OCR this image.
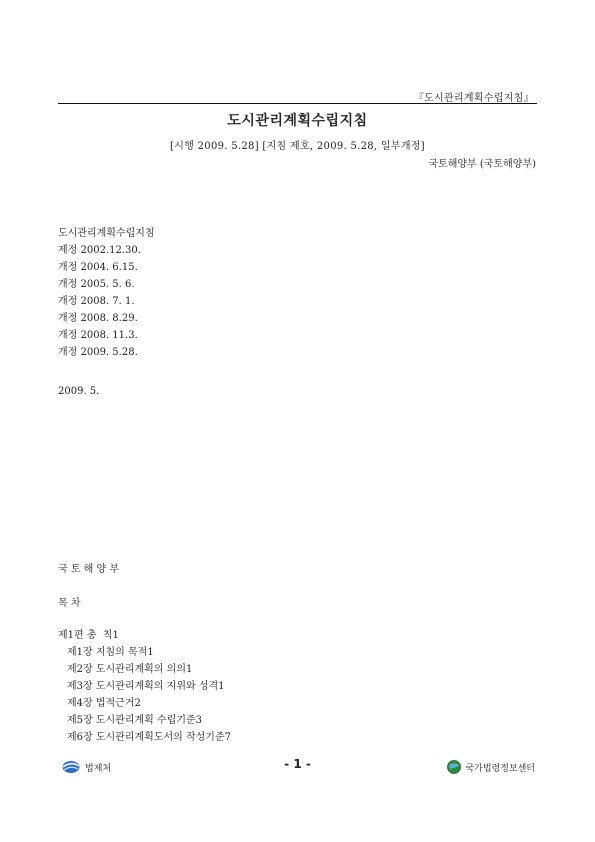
『도시관리계획수립지침』
도시관리계획수립지침
[시행 2009. 5.28] [지침 제호, 2009. 5.28, 일부개정]
국토해양부 (국토해양부)
도시관리계획수립지침
제정 2002.12.30.
개정 2004. 6.15.
개정 2005. 5. 6.
개정 2008. 7. 1.
개정 2008. 8.29.
개정 2008. 11.3.
개정 2009. 5.28.
2009. 5.
국 토 해 양 부
목 차
제1편 총  칙1
제1장 지침의 목적1
제2장 도시관리계획의 의의1
제3장 도시관리계획의 지위와 성격1
제4장 법적근거2
제5장 도시관리계획 수립기준3
제6장 도시관리계획도서의 작성기준7
법제처	- 1 -	국가법령정보센터
